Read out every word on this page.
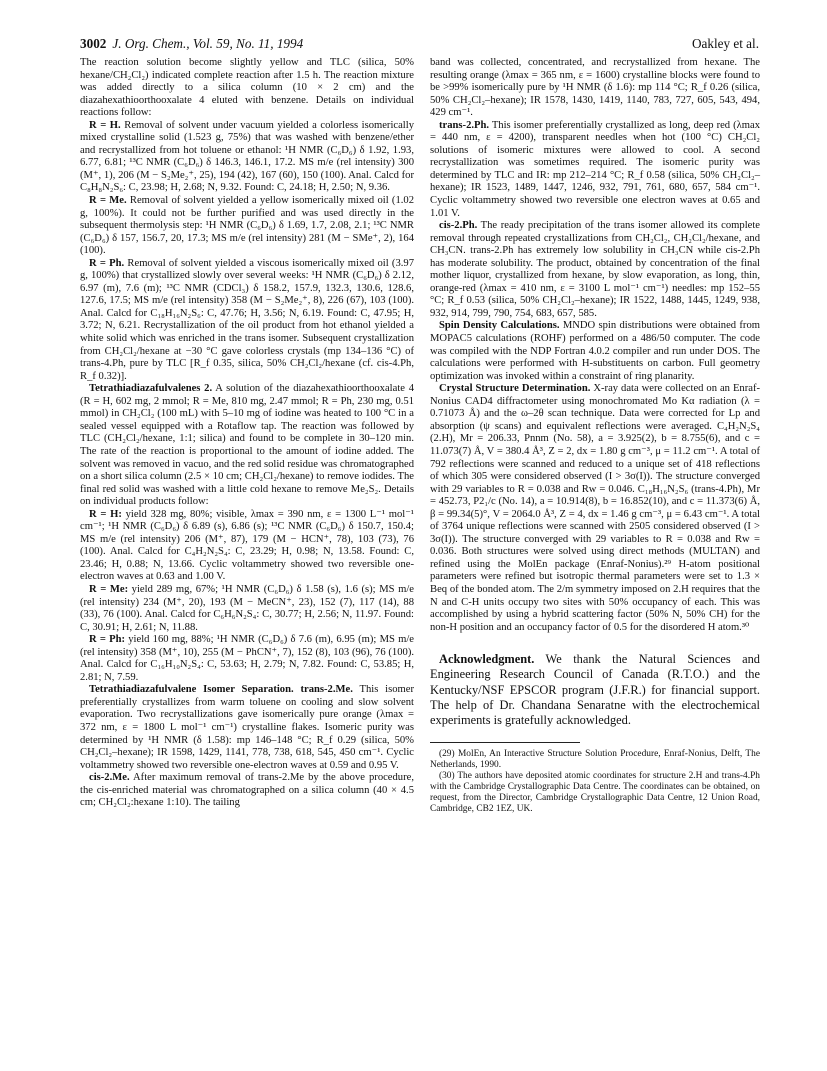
3002 J. Org. Chem., Vol. 59, No. 11, 1994	Oakley et al.

The reaction solution become slightly yellow and TLC (silica, 50% hexane/CH₂Cl₂) indicated complete reaction after 1.5 h. The reaction mixture was added directly to a silica column (10 × 2 cm) and the diazahexathioorthooxalate 4 eluted with benzene. Details on individual reactions follow:

R = H. Removal of solvent under vacuum yielded a colorless isomerically mixed crystalline solid (1.523 g, 75%) that was washed with benzene/ether and recrystallized from hot toluene or ethanol: ¹H NMR (C₆D₆) δ 1.92, 1.93, 6.77, 6.81; ¹³C NMR (C₆D₆) δ 146.3, 146.1, 17.2. MS m/e (rel intensity) 300 (M⁺, 1), 206 (M − S₂Me₂⁺, 25), 194 (42), 167 (60), 150 (100). Anal. Calcd for C₈H₈N₂S₆: C, 23.98; H, 2.68; N, 9.32. Found: C, 24.18; H, 2.50; N, 9.36.

R = Me. Removal of solvent yielded a yellow isomerically mixed oil (1.02 g, 100%). It could not be further purified and was used directly in the subsequent thermolysis step: ¹H NMR (C₆D₆) δ 1.69, 1.7, 2.08, 2.1; ¹³C NMR (C₆D₆) δ 157, 156.7, 20, 17.3; MS m/e (rel intensity) 281 (M − SMe⁺, 2), 164 (100).

R = Ph. Removal of solvent yielded a viscous isomerically mixed oil (3.97 g, 100%) that crystallized slowly over several weeks: ¹H NMR (C₆D₆) δ 2.12, 6.97 (m), 7.6 (m); ¹³C NMR (CDCl₃) δ 158.2, 157.9, 132.3, 130.6, 128.6, 127.6, 17.5; MS m/e (rel intensity) 358 (M − S₂Me₂⁺, 8), 226 (67), 103 (100). Anal. Calcd for C₁₈H₁₆N₂S₆: C, 47.76; H, 3.56; N, 6.19. Found: C, 47.95; H, 3.72; N, 6.21. Recrystallization of the oil product from hot ethanol yielded a white solid which was enriched in the trans isomer. Subsequent crystallization from CH₂Cl₂/hexane at −30 °C gave colorless crystals (mp 134–136 °C) of trans-4.Ph, pure by TLC [R_f 0.35, silica, 50% CH₂Cl₂/hexane (cf. cis-4.Ph, R_f 0.32)].

Tetrathiadiazafulvalenes 2. A solution of the diazahexathioorthooxalate 4 (R = H, 602 mg, 2 mmol; R = Me, 810 mg, 2.47 mmol; R = Ph, 230 mg, 0.51 mmol) in CH₂Cl₂ (100 mL) with 5–10 mg of iodine was heated to 100 °C in a sealed vessel equipped with a Rotaflow tap. The reaction was followed by TLC (CH₂Cl₂/hexane, 1:1; silica) and found to be complete in 30–120 min. The rate of the reaction is proportional to the amount of iodine added. The solvent was removed in vacuo, and the red solid residue was chromatographed on a short silica column (2.5 × 10 cm; CH₂Cl₂/hexane) to remove iodides. The final red solid was washed with a little cold hexane to remove Me₂S₂. Details on individual products follow:

R = H: yield 328 mg, 80%; visible, λmax = 390 nm, ε = 1300 L⁻¹ mol⁻¹ cm⁻¹; ¹H NMR (C₆D₆) δ 6.89 (s), 6.86 (s); ¹³C NMR (C₆D₆) δ 150.7, 150.4; MS m/e (rel intensity) 206 (M⁺, 87), 179 (M − HCN⁺, 78), 103 (73), 76 (100). Anal. Calcd for C₄H₂N₂S₄: C, 23.29; H, 0.98; N, 13.58. Found: C, 23.46; H, 0.88; N, 13.66. Cyclic voltammetry showed two reversible one-electron waves at 0.63 and 1.00 V.

R = Me: yield 289 mg, 67%; ¹H NMR (C₆D₆) δ 1.58 (s), 1.6 (s); MS m/e (rel intensity) 234 (M⁺, 20), 193 (M − MeCN⁺, 23), 152 (7), 117 (14), 88 (33), 76 (100). Anal. Calcd for C₆H₆N₂S₄: C, 30.77; H, 2.56; N, 11.97. Found: C, 30.91; H, 2.61; N, 11.88.

R = Ph: yield 160 mg, 88%; ¹H NMR (C₆D₆) δ 7.6 (m), 6.95 (m); MS m/e (rel intensity) 358 (M⁺, 10), 255 (M − PhCN⁺, 7), 152 (8), 103 (96), 76 (100). Anal. Calcd for C₁₆H₁₀N₂S₄: C, 53.63; H, 2.79; N, 7.82. Found: C, 53.85; H, 2.81; N, 7.59.

Tetrathiadiazafulvalene Isomer Separation. trans-2.Me. This isomer preferentially crystallizes from warm toluene on cooling and slow solvent evaporation. Two recrystallizations gave isomerically pure orange (λmax = 372 nm, ε = 1800 L mol⁻¹ cm⁻¹) crystalline flakes. Isomeric purity was determined by ¹H NMR (δ 1.58): mp 146–148 °C; R_f 0.29 (silica, 50% CH₂Cl₂–hexane); IR 1598, 1429, 1141, 778, 738, 618, 545, 450 cm⁻¹. Cyclic voltammetry showed two reversible one-electron waves at 0.59 and 0.95 V.

cis-2.Me. After maximum removal of trans-2.Me by the above procedure, the cis-enriched material was chromatographed on a silica column (40 × 4.5 cm; CH₂Cl₂:hexane 1:10). The tailing

band was collected, concentrated, and recrystallized from hexane. The resulting orange (λmax = 365 nm, ε = 1600) crystalline blocks were found to be >99% isomerically pure by ¹H NMR (δ 1.6): mp 114 °C; R_f 0.26 (silica, 50% CH₂Cl₂–hexane); IR 1578, 1430, 1419, 1140, 783, 727, 605, 543, 494, 429 cm⁻¹.

trans-2.Ph. This isomer preferentially crystallized as long, deep red (λmax = 440 nm, ε = 4200), transparent needles when hot (100 °C) CH₂Cl₂ solutions of isomeric mixtures were allowed to cool. A second recrystallization was sometimes required. The isomeric purity was determined by TLC and IR: mp 212–214 °C; R_f 0.58 (silica, 50% CH₂Cl₂–hexane); IR 1523, 1489, 1447, 1246, 932, 791, 761, 680, 657, 584 cm⁻¹. Cyclic voltammetry showed two reversible one electron waves at 0.65 and 1.01 V.

cis-2.Ph. The ready precipitation of the trans isomer allowed its complete removal through repeated crystallizations from CH₂Cl₂, CH₂Cl₂/hexane, and CH₃CN. trans-2.Ph has extremely low solubility in CH₃CN while cis-2.Ph has moderate solubility. The product, obtained by concentration of the final mother liquor, crystallized from hexane, by slow evaporation, as long, thin, orange-red (λmax = 410 nm, ε = 3100 L mol⁻¹ cm⁻¹) needles: mp 152–55 °C; R_f 0.53 (silica, 50% CH₂Cl₂–hexane); IR 1522, 1488, 1445, 1249, 938, 932, 914, 799, 790, 754, 683, 657, 585.

Spin Density Calculations. MNDO spin distributions were obtained from MOPAC5 calculations (ROHF) performed on a 486/50 computer. The code was compiled with the NDP Fortran 4.0.2 compiler and run under DOS. The calculations were performed with H-substituents on carbon. Full geometry optimization was invoked within a constraint of ring planarity.

Crystal Structure Determination. X-ray data were collected on an Enraf-Nonius CAD4 diffractometer using monochromated Mo Kα radiation (λ = 0.71073 Å) and the ω–2θ scan technique. Data were corrected for Lp and absorption (ψ scans) and equivalent reflections were averaged. C₄H₂N₂S₄ (2.H), Mr = 206.33, Pnnm (No. 58), a = 3.925(2), b = 8.755(6), and c = 11.073(7) Å, V = 380.4 Å³, Z = 2, dx = 1.80 g cm⁻³, μ = 11.2 cm⁻¹. A total of 792 reflections were scanned and reduced to a unique set of 418 reflections of which 305 were considered observed (I > 3σ(I)). The structure converged with 29 variables to R = 0.038 and Rw = 0.046. C₁₈H₁₆N₂S₆ (trans-4.Ph), Mr = 452.73, P2₁/c (No. 14), a = 10.914(8), b = 16.852(10), and c = 11.373(6) Å, β = 99.34(5)°, V = 2064.0 Å³, Z = 4, dx = 1.46 g cm⁻³, μ = 6.43 cm⁻¹. A total of 3764 unique reflections were scanned with 2505 considered observed (I > 3σ(I)). The structure converged with 29 variables to R = 0.038 and Rw = 0.036. Both structures were solved using direct methods (MULTAN) and refined using the MolEn package (Enraf-Nonius).²⁹ H-atom positional parameters were refined but isotropic thermal parameters were set to 1.3 × Beq of the bonded atom. The 2/m symmetry imposed on 2.H requires that the N and C-H units occupy two sites with 50% occupancy of each. This was accomplished by using a hybrid scattering factor (50% N, 50% CH) for the non-H position and an occupancy factor of 0.5 for the disordered H atom.³⁰

Acknowledgment. We thank the Natural Sciences and Engineering Research Council of Canada (R.T.O.) and the Kentucky/NSF EPSCOR program (J.F.R.) for financial support. The help of Dr. Chandana Senaratne with the electrochemical experiments is gratefully acknowledged.

(29) MolEn, An Interactive Structure Solution Procedure, Enraf-Nonius, Delft, The Netherlands, 1990.

(30) The authors have deposited atomic coordinates for structure 2.H and trans-4.Ph with the Cambridge Crystallographic Data Centre. The coordinates can be obtained, on request, from the Director, Cambridge Crystallographic Data Centre, 12 Union Road, Cambridge, CB2 1EZ, UK.
